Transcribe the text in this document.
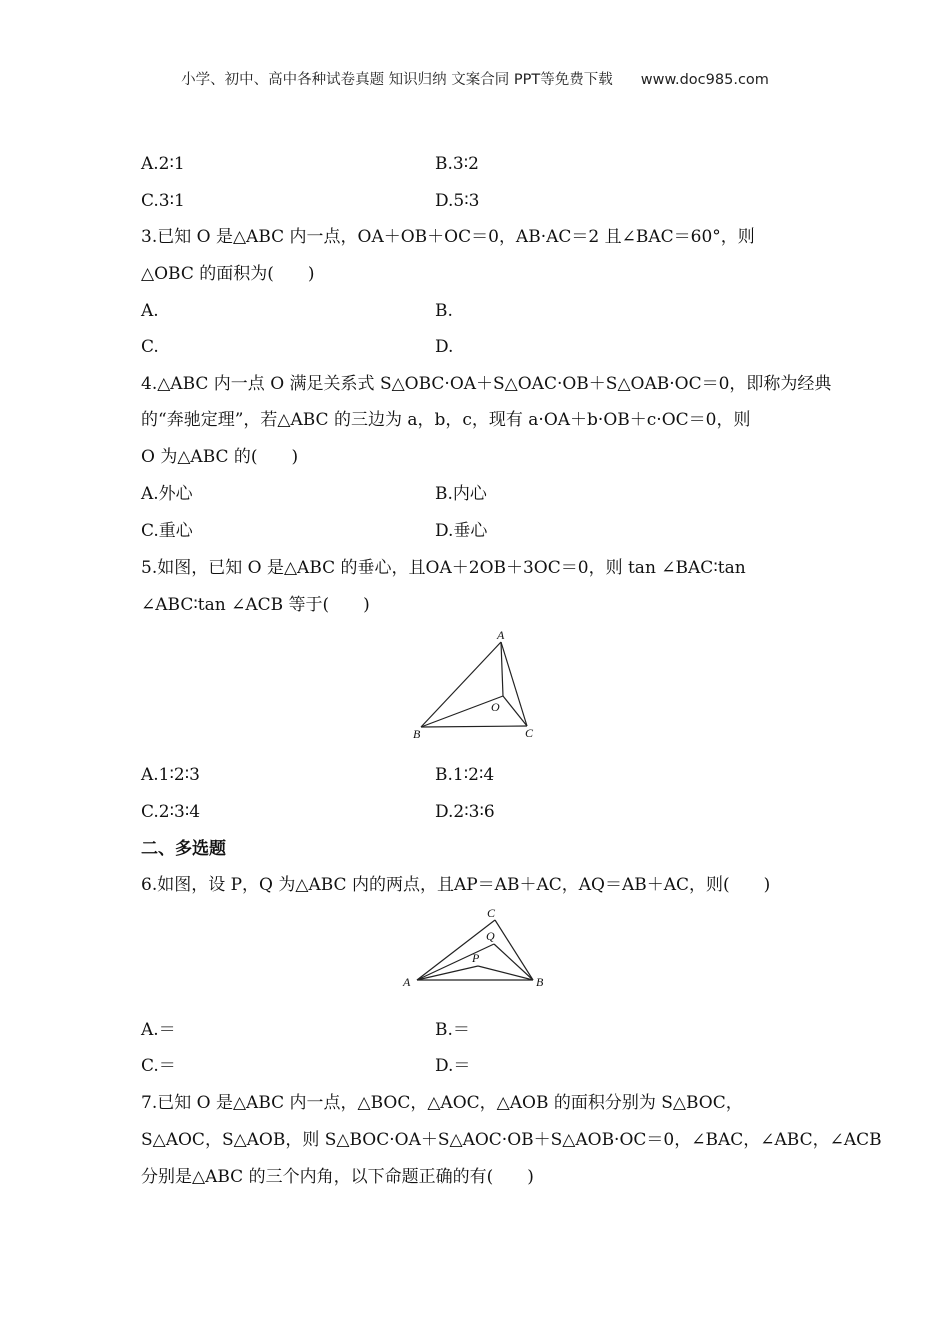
小学、初中、高中各种试卷真题 知识归纳 文案合同 PPT等免费下载 www.doc985.com
A.2∶1	B.3∶2
C.3∶1	D.5∶3
3.已知 O 是△ABC 内一点，OA＋OB＋OC＝0，AB·AC＝2 且∠BAC＝60°，则
△OBC 的面积为(　　)
A.	B.
C.	D.
4.△ABC 内一点 O 满足关系式 S△OBC·OA＋S△OAC·OB＋S△OAB·OC＝0，即称为经典
的“奔驰定理”，若△ABC 的三边为 a，b，c，现有 a·OA＋b·OB＋c·OC＝0，则
O 为△ABC 的(　　)
A.外心	B.内心
C.重心	D.垂心
5.如图，已知 O 是△ABC 的垂心，且OA＋2OB＋3OC＝0，则 tan ∠BAC∶tan
∠ABC∶tan ∠ACB 等于(　　)
A
B	C
O
A.1∶2∶3	B.1∶2∶4
C.2∶3∶4	D.2∶3∶6
二、多选题
6.如图，设 P，Q 为△ABC 内的两点，且AP＝AB＋AC，AQ＝AB＋AC，则(　　)
C
Q
P
A	B
A.＝	B.＝
C.＝	D.＝
7.已知 O 是△ABC 内一点，△BOC，△AOC，△AOB 的面积分别为 S△BOC，
S△AOC，S△AOB，则 S△BOC·OA＋S△AOC·OB＋S△AOB·OC＝0，∠BAC，∠ABC，∠ACB
分别是△ABC 的三个内角，以下命题正确的有(　　)
